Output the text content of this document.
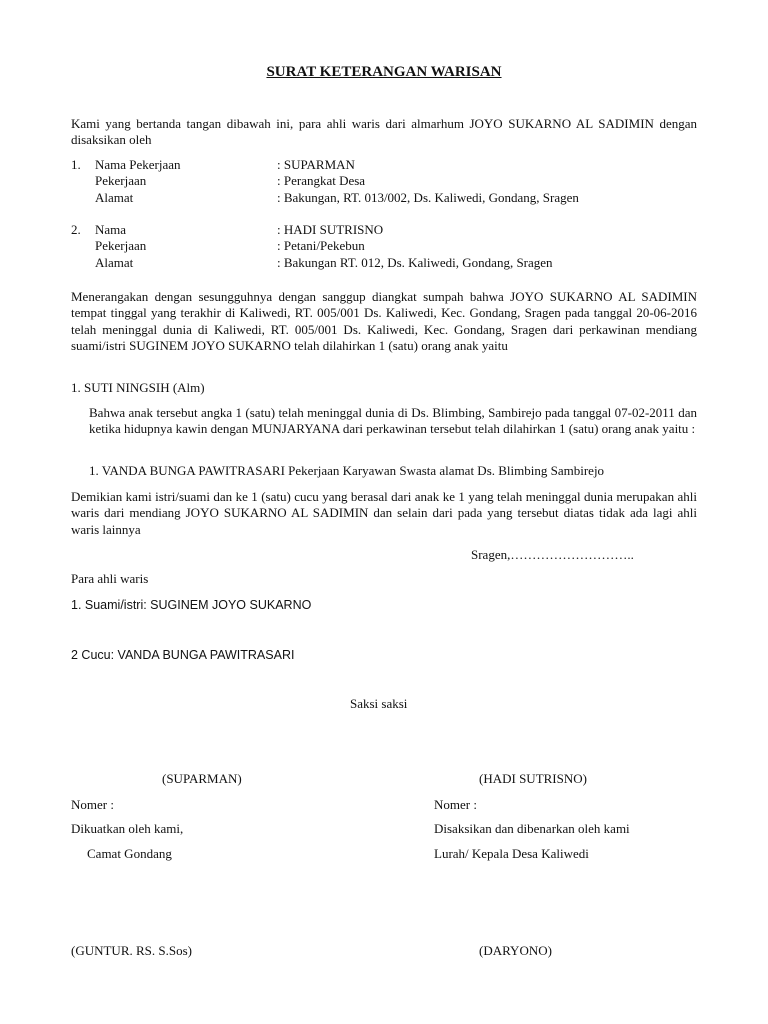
SURAT KETERANGAN WARISAN
Kami yang bertanda tangan dibawah ini, para ahli waris dari almarhum JOYO SUKARNO AL SADIMIN dengan disaksikan oleh
1. Nama Pekerjaan	: SUPARMAN
Pekerjaan	: Perangkat Desa
Alamat	: Bakungan, RT. 013/002, Ds. Kaliwedi, Gondang, Sragen
2. Nama	: HADI SUTRISNO
Pekerjaan	: Petani/Pekebun
Alamat	: Bakungan RT. 012, Ds. Kaliwedi, Gondang, Sragen
Menerangakan dengan sesungguhnya dengan sanggup diangkat sumpah bahwa JOYO SUKARNO AL SADIMIN tempat tinggal yang terakhir di Kaliwedi, RT. 005/001 Ds. Kaliwedi, Kec. Gondang, Sragen pada tanggal 20-06-2016 telah meninggal dunia di Kaliwedi, RT. 005/001 Ds. Kaliwedi, Kec. Gondang, Sragen dari perkawinan mendiang suami/istri SUGINEM JOYO SUKARNO telah dilahirkan 1 (satu) orang anak yaitu
1. SUTI NINGSIH (Alm)
Bahwa anak tersebut angka 1 (satu) telah meninggal dunia di Ds. Blimbing, Sambirejo pada tanggal 07-02-2011 dan ketika hidupnya kawin dengan MUNJARYANA dari perkawinan tersebut telah dilahirkan 1 (satu) orang anak yaitu :
1. VANDA BUNGA PAWITRASARI Pekerjaan Karyawan Swasta alamat Ds. Blimbing Sambirejo
Demikian kami istri/suami dan ke 1 (satu) cucu yang berasal dari anak ke 1 yang telah meninggal dunia merupakan ahli waris dari mendiang JOYO SUKARNO AL SADIMIN dan selain dari pada yang tersebut diatas tidak ada lagi ahli waris lainnya
Sragen,………………………..
Para ahli waris
1. Suami/istri: SUGINEM JOYO SUKARNO
2 Cucu: VANDA BUNGA PAWITRASARI
Saksi saksi
(SUPARMAN)
Nomer :
Dikuatkan oleh kami,
Camat Gondang
(GUNTUR. RS. S.Sos)
(HADI SUTRISNO)
Nomer :
Disaksikan dan dibenarkan oleh kami
Lurah/ Kepala Desa Kaliwedi
(DARYONO)
